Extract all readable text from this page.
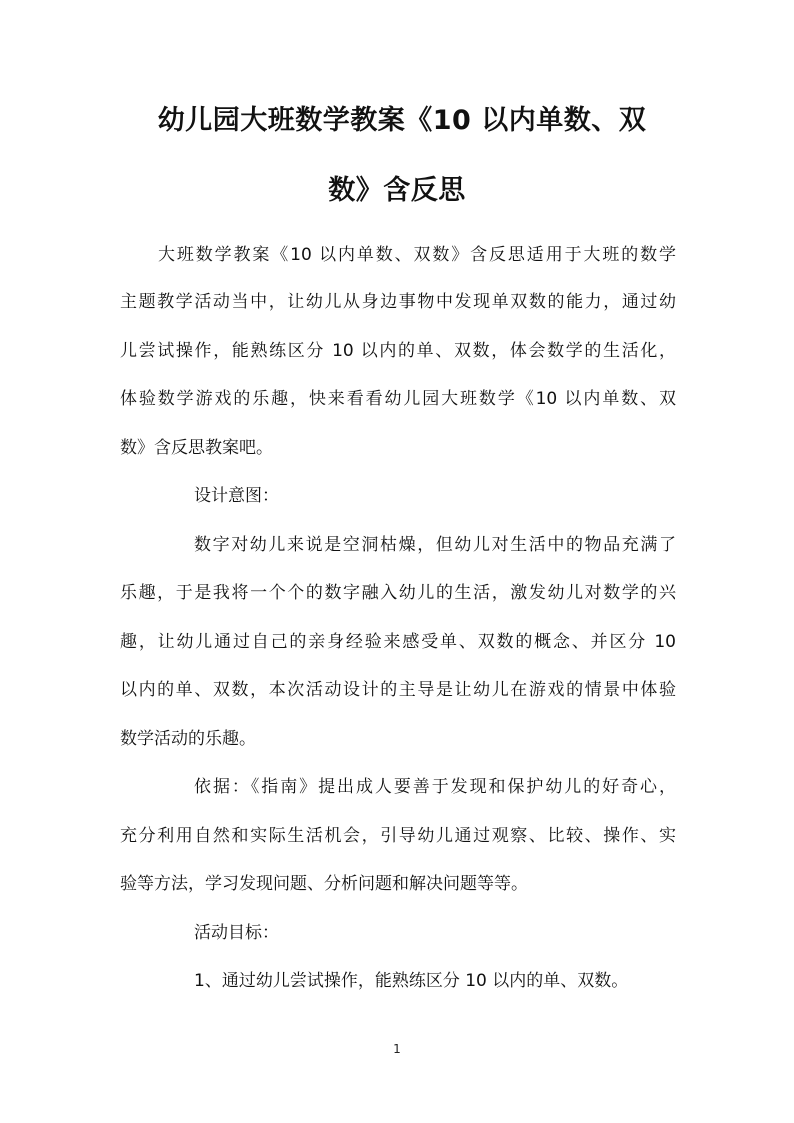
幼儿园大班数学教案《10 以内单数、双
数》含反思

大班数学教案《10 以内单数、双数》含反思适用于大班的数学

主题教学活动当中，让幼儿从身边事物中发现单双数的能力，通过幼

儿尝试操作，能熟练区分 10 以内的单、双数，体会数学的生活化，

体验数学游戏的乐趣，快来看看幼儿园大班数学《10 以内单数、双

数》含反思教案吧。

设计意图：

数字对幼儿来说是空洞枯燥，但幼儿对生活中的物品充满了

乐趣，于是我将一个个的数字融入幼儿的生活，激发幼儿对数学的兴

趣，让幼儿通过自己的亲身经验来感受单、双数的概念、并区分 10

以内的单、双数，本次活动设计的主导是让幼儿在游戏的情景中体验

数学活动的乐趣。

依据：《指南》提出成人要善于发现和保护幼儿的好奇心，

充分利用自然和实际生活机会，引导幼儿通过观察、比较、操作、实

验等方法，学习发现问题、分析问题和解决问题等等。

活动目标：

1、通过幼儿尝试操作，能熟练区分 10 以内的单、双数。

1
